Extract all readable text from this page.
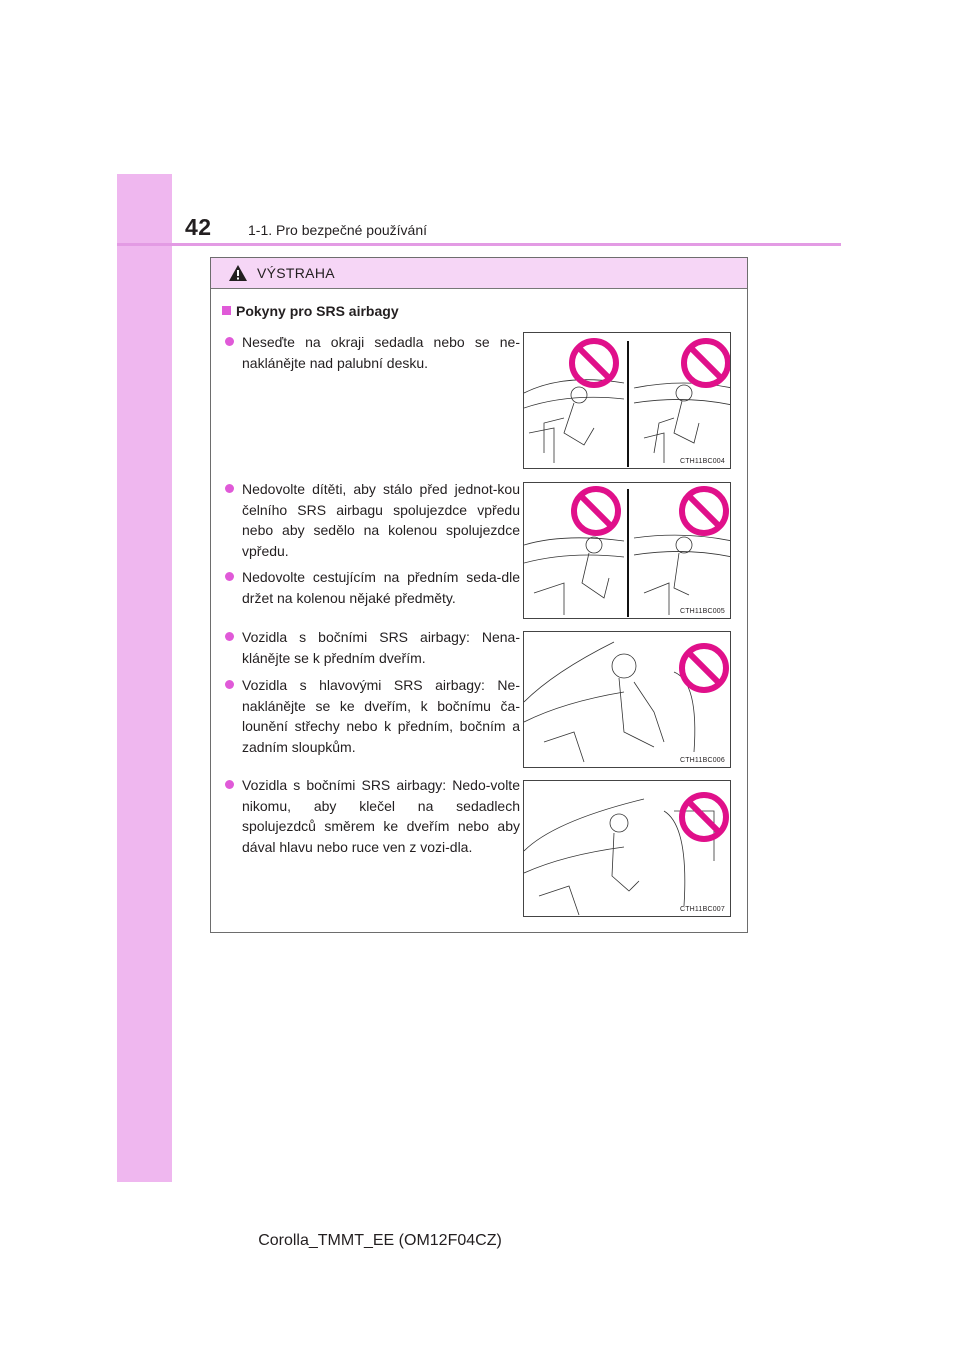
42	1-1. Pro bezpečné používání
VÝSTRAHA
Pokyny pro SRS airbagy

Neseďte na okraji sedadla nebo se ne-naklánějte nad palubní desku.

Nedovolte dítěti, aby stálo před jednot-kou čelního SRS airbagu spolujezdce vpředu nebo aby sedělo na kolenou spolujezdce vpředu.

Nedovolte cestujícím na předním seda-dle držet na kolenou nějaké předměty.

Vozidla s bočními SRS airbagy: Nena-klánějte se k předním dveřím.

Vozidla s hlavovými SRS airbagy: Ne-naklánějte se ke dveřím, k bočnímu ča-lounění střechy nebo k předním, bočním a zadním sloupkům.

Vozidla s bočními SRS airbagy: Nedo-volte nikomu, aby klečel na sedadlech spolujezdců směrem ke dveřím nebo aby dával hlavu nebo ruce ven z vozi-dla.

CTH11BC004
CTH11BC005
CTH11BC006
CTH11BC007
Corolla_TMMT_EE (OM12F04CZ)
